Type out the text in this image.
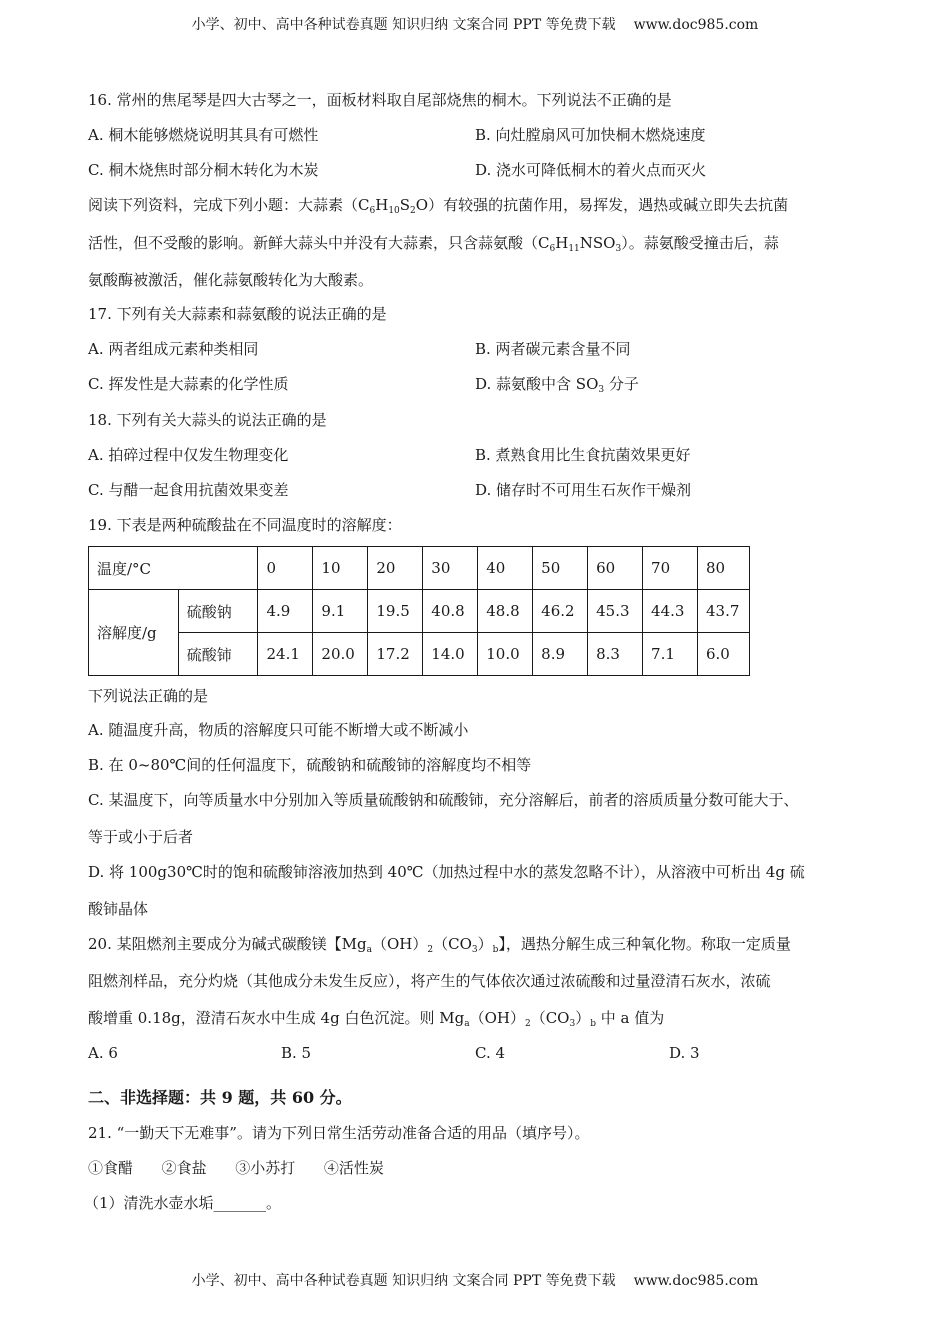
小学、初中、高中各种试卷真题 知识归纳 文案合同 PPT 等免费下载 www.doc985.com
16. 常州的焦尾琴是四大古琴之一，面板材料取自尾部烧焦的桐木。下列说法不正确的是
A. 桐木能够燃烧说明其具有可燃性	B. 向灶膛扇风可加快桐木燃烧速度
C. 桐木烧焦时部分桐木转化为木炭	D. 浇水可降低桐木的着火点而灭火
阅读下列资料，完成下列小题：大蒜素$(C_6H_{10}S_2O)$有较强的抗菌作用，易挥发，遇热或碱立即失去抗菌
活性，但不受酸的影响。新鲜大蒜头中并没有大蒜素，只含蒜氨酸$(C_6H_{11}NSO_3)$。蒜氨酸受撞击后，蒜
氨酸酶被激活，催化蒜氨酸转化为大酸素。
17. 下列有关大蒜素和蒜氨酸的说法正确的是
A. 两者组成元素种类相同	B. 两者碳元素含量不同
C. 挥发性是大蒜素的化学性质	D. 蒜氨酸中含 $SO_3$ 分子
18. 下列有关大蒜头的说法正确的是
A. 拍碎过程中仅发生物理变化	B. 煮熟食用比生食抗菌效果更好
C. 与醋一起食用抗菌效果变差	D. 储存时不可用生石灰作干燥剂
19. 下表是两种硫酸盐在不同温度时的溶解度：
温度/°C		0	10	20	30	40	50	60	70	80
溶解度/g	硫酸钠	4.9	9.1	19.5	40.8	48.8	46.2	45.3	44.3	43.7
	硫酸铈	24.1	20.0	17.2	14.0	10.0	8.9	8.3	7.1	6.0
下列说法正确的是
A. 随温度升高，物质的溶解度只可能不断增大或不断减小
B. 在 0~80℃间的任何温度下，硫酸钠和硫酸铈的溶解度均不相等
C. 某温度下，向等质量水中分别加入等质量硫酸钠和硫酸铈，充分溶解后，前者的溶质质量分数可能大于、
等于或小于后者
D. 将 100g30℃时的饱和硫酸铈溶液加热到 40℃（加热过程中水的蒸发忽略不计），从溶液中可析出 4g 硫
酸铈晶体
20. 某阻燃剂主要成分为碱式碳酸镁【$Mg_a(OH)_2(CO_3)_b$】，遇热分解生成三种氧化物。称取一定质量
阻燃剂样品，充分灼烧（其他成分未发生反应），将产生的气体依次通过浓硫酸和过量澄清石灰水，浓硫
酸增重 0.18g，澄清石灰水中生成 4g 白色沉淀。则 $Mg_a(OH)_2(CO_3)_b$ 中 a 值为
A. 6	B. 5	C. 4	D. 3
二、非选择题：共 9 题，共 60 分。
21. “一勤天下无难事”。请为下列日常生活劳动准备合适的用品（填序号）。
①食醋      ②食盐      ③小苏打      ④活性炭
（1）清洗水壶水垢_______。
小学、初中、高中各种试卷真题 知识归纳 文案合同 PPT 等免费下载 www.doc985.com
